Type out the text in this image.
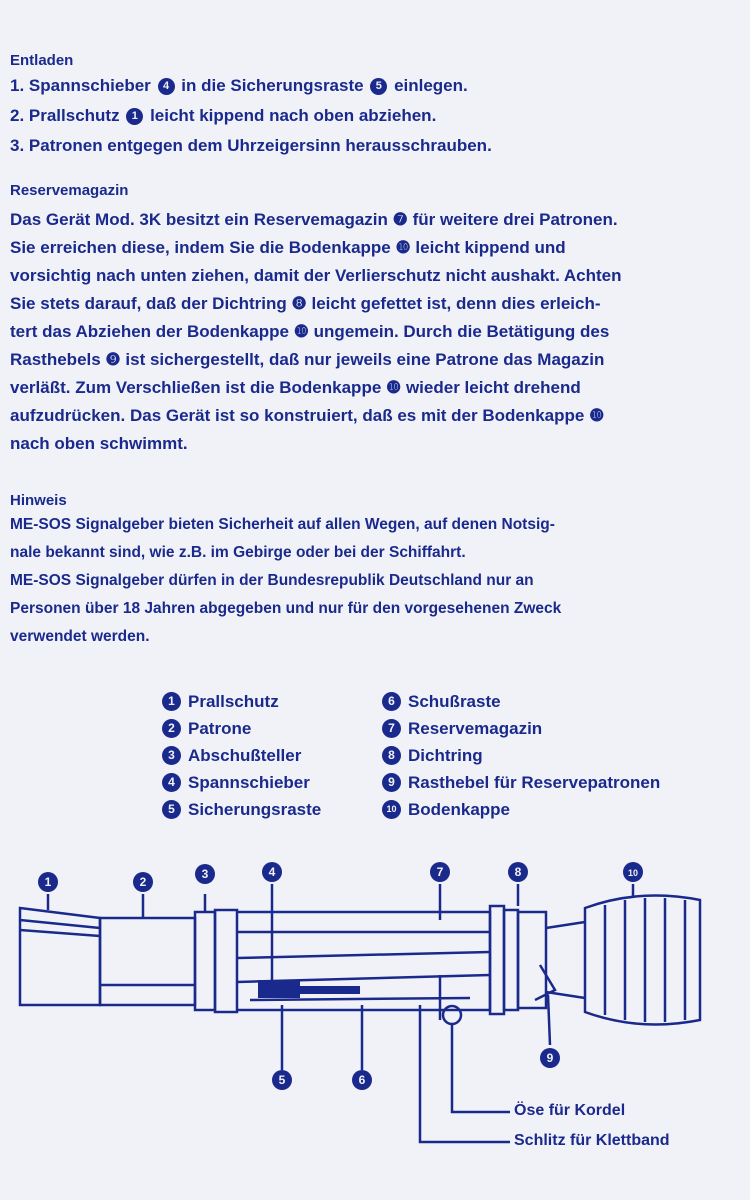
Entladen
1. Spannschieber 4 in die Sicherungsraste 5 einlegen.
2. Prallschutz 1 leicht kippend nach oben abziehen.
3. Patronen entgegen dem Uhrzeigersinn herausschrauben.
Reservemagazin
Das Gerät Mod. 3K besitzt ein Reservemagazin ❼ für weitere drei Patronen.
Sie erreichen diese, indem Sie die Bodenkappe ❿ leicht kippend und
vorsichtig nach unten ziehen, damit der Verlierschutz nicht aushakt. Achten
Sie stets darauf, daß der Dichtring ❽ leicht gefettet ist, denn dies erleich-
tert das Abziehen der Bodenkappe ❿ ungemein. Durch die Betätigung des
Rasthebels ❾ ist sichergestellt, daß nur jeweils eine Patrone das Magazin
verläßt. Zum Verschließen ist die Bodenkappe ❿ wieder leicht drehend
aufzudrücken. Das Gerät ist so konstruiert, daß es mit der Bodenkappe ❿
nach oben schwimmt.
Hinweis
ME-SOS Signalgeber bieten Sicherheit auf allen Wegen, auf denen Notsig-
nale bekannt sind, wie z.B. im Gebirge oder bei der Schiffahrt.
ME-SOS Signalgeber dürfen in der Bundesrepublik Deutschland nur an
Personen über 18 Jahren abgegeben und nur für den vorgesehenen Zweck
verwendet werden.
1 Prallschutz
2 Patrone
3 Abschußteller
4 Spannschieber
5 Sicherungsraste
6 Schußraste
7 Reservemagazin
8 Dichtring
9 Rasthebel für Reservepatronen
10 Bodenkappe
1	2
3	4	7	8	10
5	6
9
Öse für Kordel
Schlitz für Klettband
